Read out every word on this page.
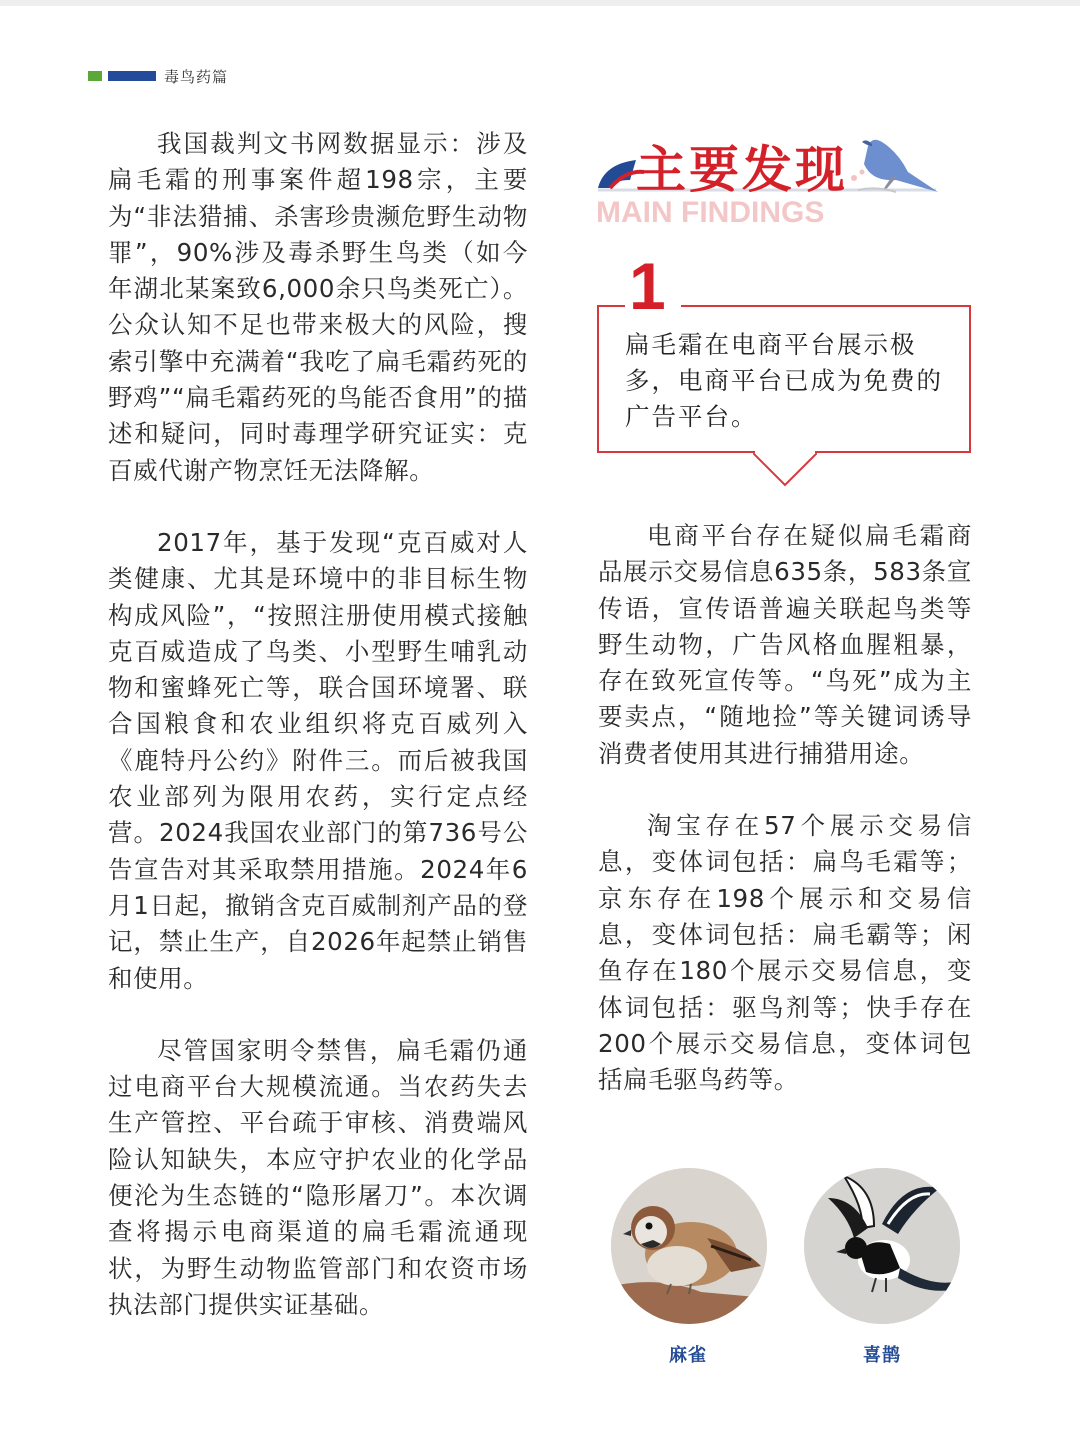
毒鸟药篇

我国裁判文书网数据显示：涉及扁毛霜的刑事案件超198宗，主要为“非法猎捕、杀害珍贵濒危野生动物罪”，90%涉及毒杀野生鸟类（如今年湖北某案致6,000余只鸟类死亡）。公众认知不足也带来极大的风险，搜索引擎中充满着“我吃了扁毛霜药死的野鸡”“扁毛霜药死的鸟能否食用”的描述和疑问，同时毒理学研究证实：克百威代谢产物烹饪无法降解。

2017年，基于发现“克百威对人类健康、尤其是环境中的非目标生物构成风险”，“按照注册使用模式接触克百威造成了鸟类、小型野生哺乳动物和蜜蜂死亡等，联合国环境署、联合国粮食和农业组织将克百威列入《鹿特丹公约》附件三。而后被我国农业部列为限用农药，实行定点经营。2024我国农业部门的第736号公告宣告对其采取禁用措施。2024年6月1日起，撤销含克百威制剂产品的登记，禁止生产，自2026年起禁止销售和使用。

尽管国家明令禁售，扁毛霜仍通过电商平台大规模流通。当农药失去生产管控、平台疏于审核、消费端风险认知缺失，本应守护农业的化学品便沦为生态链的“隐形屠刀”。本次调查将揭示电商渠道的扁毛霜流通现状，为野生动物监管部门和农资市场执法部门提供实证基础。

主要发现
MAIN FINDINGS
1

扁毛霜在电商平台展示极多，电商平台已成为免费的广告平台。

电商平台存在疑似扁毛霜商品展示交易信息635条，583条宣传语，宣传语普遍关联起鸟类等野生动物，广告风格血腥粗暴，存在致死宣传等。“鸟死”成为主要卖点，“随地捡”等关键词诱导消费者使用其进行捕猎用途。

淘宝存在57个展示交易信息，变体词包括：扁鸟毛霜等；京东存在198个展示和交易信息，变体词包括：扁毛霸等；闲鱼存在180个展示交易信息，变体词包括：驱鸟剂等；快手存在200个展示交易信息，变体词包括扁毛驱鸟药等。

麻雀	喜鹊
